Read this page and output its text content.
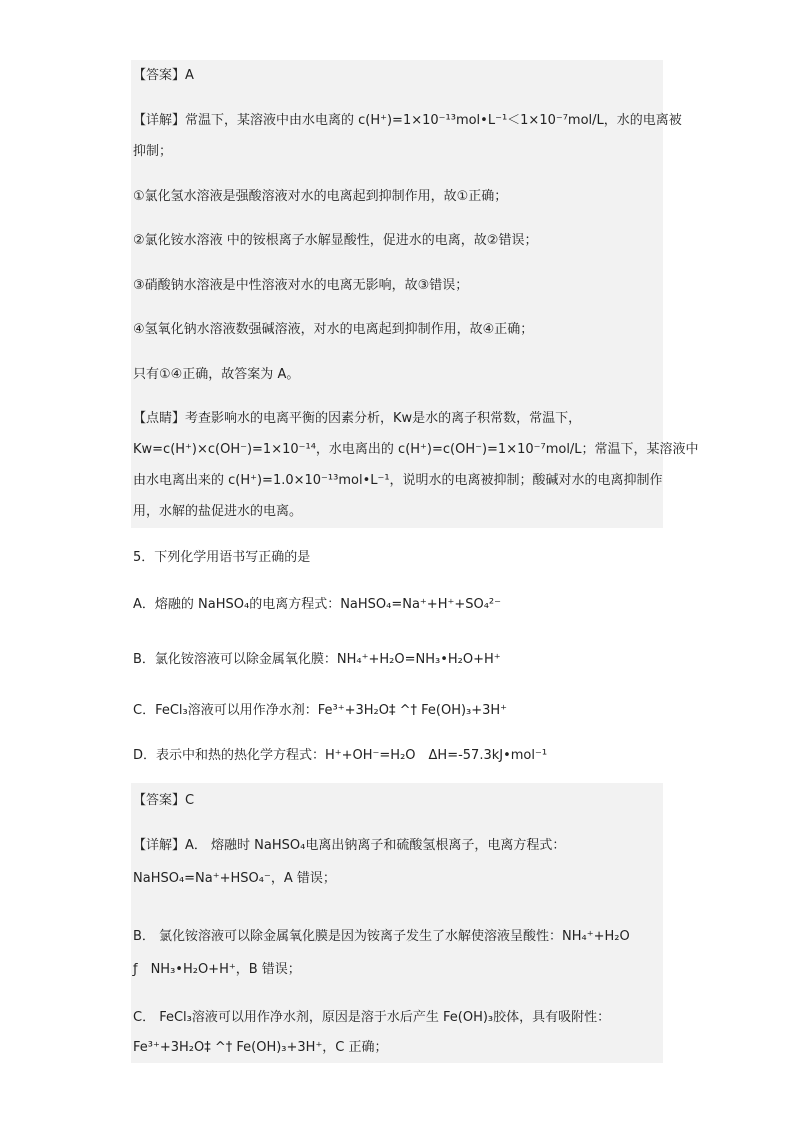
【答案】A
【详解】常温下，某溶液中由水电离的 c(H⁺)=1×10⁻¹³mol•L⁻¹＜1×10⁻⁷mol/L，水的电离被
抑制；
①氯化氢水溶液是强酸溶液对水的电离起到抑制作用，故①正确；
②氯化铵水溶液 中的铵根离子水解显酸性，促进水的电离，故②错误；
③硝酸钠水溶液是中性溶液对水的电离无影响，故③错误；
④氢氧化钠水溶液数强碱溶液，对水的电离起到抑制作用，故④正确；
只有①④正确，故答案为 A。
【点睛】考查影响水的电离平衡的因素分析，Kw是水的离子积常数，常温下，
Kw=c(H⁺)×c(OH⁻)=1×10⁻¹⁴，水电离出的 c(H⁺)=c(OH⁻)=1×10⁻⁷mol/L；常温下，某溶液中
由水电离出来的 c(H⁺)=1.0×10⁻¹³mol•L⁻¹，说明水的电离被抑制；酸碱对水的电离抑制作
用，水解的盐促进水的电离。
5．下列化学用语书写正确的是
A．熔融的 NaHSO₄的电离方程式：NaHSO₄=Na⁺+H⁺+SO₄²⁻
B．氯化铵溶液可以除金属氧化膜：NH₄⁺+H₂O=NH₃•H₂O+H⁺
C．FeCl₃溶液可以用作净水剂：Fe³⁺+3H₂O‡ ^† Fe(OH)₃+3H⁺
D．表示中和热的热化学方程式：H⁺+OH⁻=H₂O　ΔH=-57.3kJ•mol⁻¹
【答案】C
【详解】A． 熔融时 NaHSO₄电离出钠离子和硫酸氢根离子，电离方程式：
NaHSO₄=Na⁺+HSO₄⁻，A 错误；
B． 氯化铵溶液可以除金属氧化膜是因为铵离子发生了水解使溶液呈酸性：NH₄⁺+H₂O
ƒ　NH₃•H₂O+H⁺，B 错误；
C． FeCl₃溶液可以用作净水剂，原因是溶于水后产生 Fe(OH)₃胶体，具有吸附性：
Fe³⁺+3H₂O‡ ^† Fe(OH)₃+3H⁺，C 正确；
